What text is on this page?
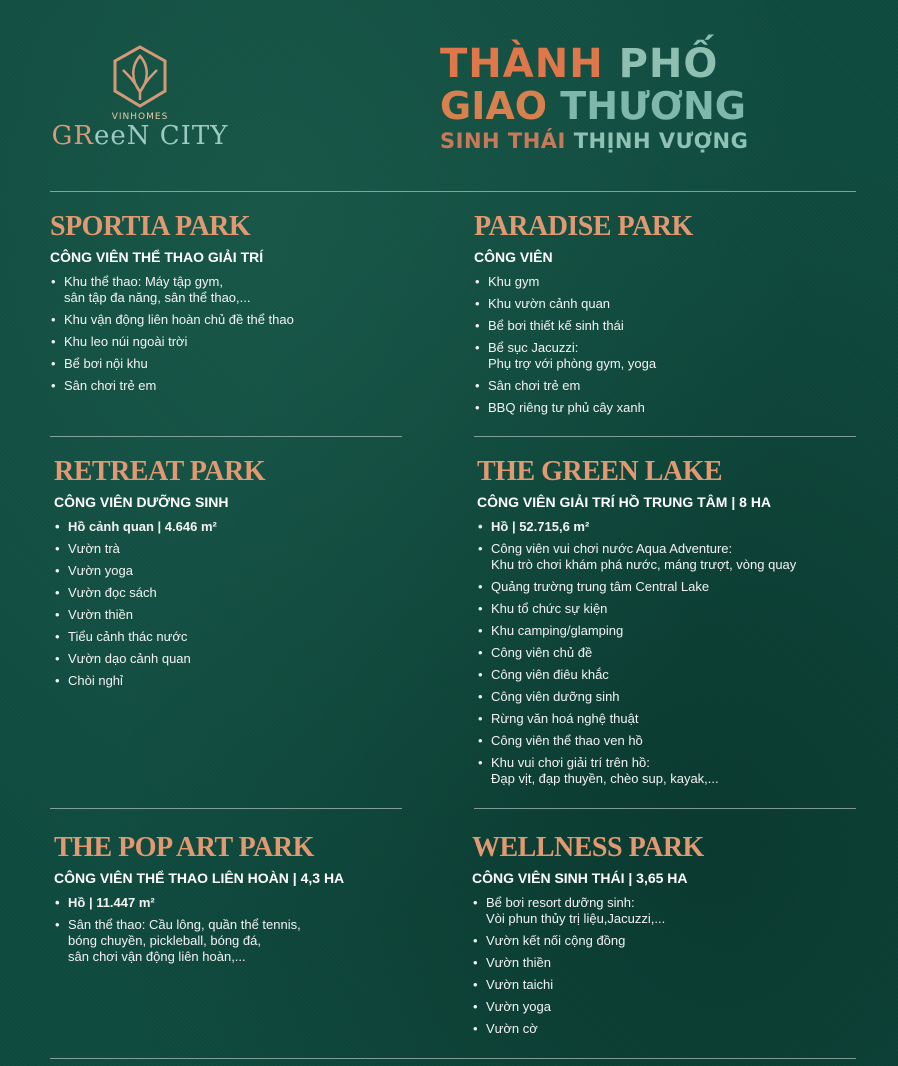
VINHOMES
GReeN CITY
THÀNH PHỐ
GIAO THƯƠNG
SINH THÁI THỊNH VƯỢNG
SPORTIA PARK
CÔNG VIÊN THỂ THAO GIẢI TRÍ
• Khu thể thao: Máy tập gym,
sân tập đa năng, sân thể thao,...
• Khu vận động liên hoàn chủ đề thể thao
• Khu leo núi ngoài trời
• Bể bơi nội khu
• Sân chơi trẻ em
PARADISE PARK
CÔNG VIÊN
• Khu gym
• Khu vườn cảnh quan
• Bể bơi thiết kế sinh thái
• Bể sục Jacuzzi:
Phụ trợ với phòng gym, yoga
• Sân chơi trẻ em
• BBQ riêng tư phủ cây xanh
RETREAT PARK
CÔNG VIÊN DƯỠNG SINH
• Hồ cảnh quan | 4.646 m²
• Vườn trà
• Vườn yoga
• Vườn đọc sách
• Vườn thiền
• Tiểu cảnh thác nước
• Vườn dạo cảnh quan
• Chòi nghỉ
THE GREEN LAKE
CÔNG VIÊN GIẢI TRÍ HỒ TRUNG TÂM | 8 HA
• Hồ | 52.715,6 m²
• Công viên vui chơi nước Aqua Adventure:
Khu trò chơi khám phá nước, máng trượt, vòng quay
• Quảng trường trung tâm Central Lake
• Khu tổ chức sự kiện
• Khu camping/glamping
• Công viên chủ đề
• Công viên điêu khắc
• Công viên dưỡng sinh
• Rừng văn hoá nghệ thuật
• Công viên thể thao ven hồ
• Khu vui chơi giải trí trên hồ:
Đạp vịt, đạp thuyền, chèo sup, kayak,...
THE POP ART PARK
CÔNG VIÊN THỂ THAO LIÊN HOÀN | 4,3 HA
• Hồ | 11.447 m²
• Sân thể thao: Cầu lông, quần thể tennis,
bóng chuyền, pickleball, bóng đá,
sân chơi vận động liên hoàn,...
WELLNESS PARK
CÔNG VIÊN SINH THÁI | 3,65 HA
• Bể bơi resort dưỡng sinh:
Vòi phun thủy trị liệu,Jacuzzi,...
• Vườn kết nối cộng đồng
• Vườn thiền
• Vườn taichi
• Vườn yoga
• Vườn cờ
